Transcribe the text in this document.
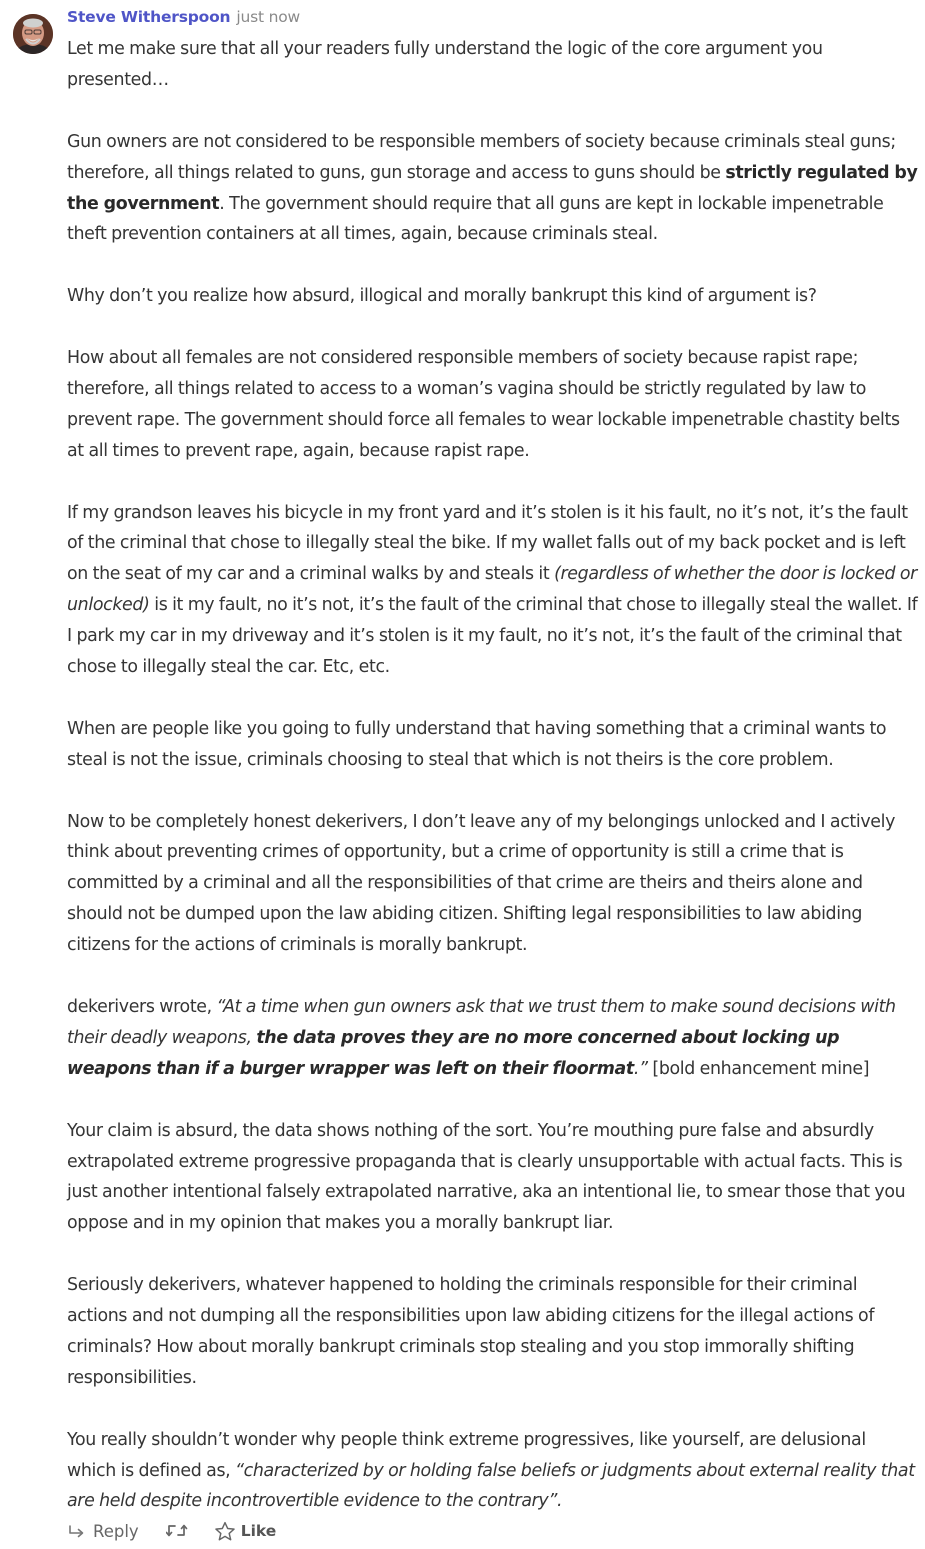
Steve Witherspoon just now

Let me make sure that all your readers fully understand the logic of the core argument you presented…

Gun owners are not considered to be responsible members of society because criminals steal guns; therefore, all things related to guns, gun storage and access to guns should be strictly regulated by the government. The government should require that all guns are kept in lockable impenetrable theft prevention containers at all times, again, because criminals steal.

Why don’t you realize how absurd, illogical and morally bankrupt this kind of argument is?

How about all females are not considered responsible members of society because rapist rape; therefore, all things related to access to a woman’s vagina should be strictly regulated by law to prevent rape. The government should force all females to wear lockable impenetrable chastity belts at all times to prevent rape, again, because rapist rape.

If my grandson leaves his bicycle in my front yard and it’s stolen is it his fault, no it’s not, it’s the fault of the criminal that chose to illegally steal the bike. If my wallet falls out of my back pocket and is left on the seat of my car and a criminal walks by and steals it (regardless of whether the door is locked or unlocked) is it my fault, no it’s not, it’s the fault of the criminal that chose to illegally steal the wallet. If I park my car in my driveway and it’s stolen is it my fault, no it’s not, it’s the fault of the criminal that chose to illegally steal the car. Etc, etc.

When are people like you going to fully understand that having something that a criminal wants to steal is not the issue, criminals choosing to steal that which is not theirs is the core problem.

Now to be completely honest dekerivers, I don’t leave any of my belongings unlocked and I actively think about preventing crimes of opportunity, but a crime of opportunity is still a crime that is committed by a criminal and all the responsibilities of that crime are theirs and theirs alone and should not be dumped upon the law abiding citizen. Shifting legal responsibilities to law abiding citizens for the actions of criminals is morally bankrupt.

dekerivers wrote, “At a time when gun owners ask that we trust them to make sound decisions with their deadly weapons, the data proves they are no more concerned about locking up weapons than if a burger wrapper was left on their floormat.” [bold enhancement mine]

Your claim is absurd, the data shows nothing of the sort. You’re mouthing pure false and absurdly extrapolated extreme progressive propaganda that is clearly unsupportable with actual facts. This is just another intentional falsely extrapolated narrative, aka an intentional lie, to smear those that you oppose and in my opinion that makes you a morally bankrupt liar.

Seriously dekerivers, whatever happened to holding the criminals responsible for their criminal actions and not dumping all the responsibilities upon law abiding citizens for the illegal actions of criminals? How about morally bankrupt criminals stop stealing and you stop immorally shifting responsibilities.

You really shouldn’t wonder why people think extreme progressives, like yourself, are delusional which is defined as, “characterized by or holding false beliefs or judgments about external reality that are held despite incontrovertible evidence to the contrary”.

Reply	Like
